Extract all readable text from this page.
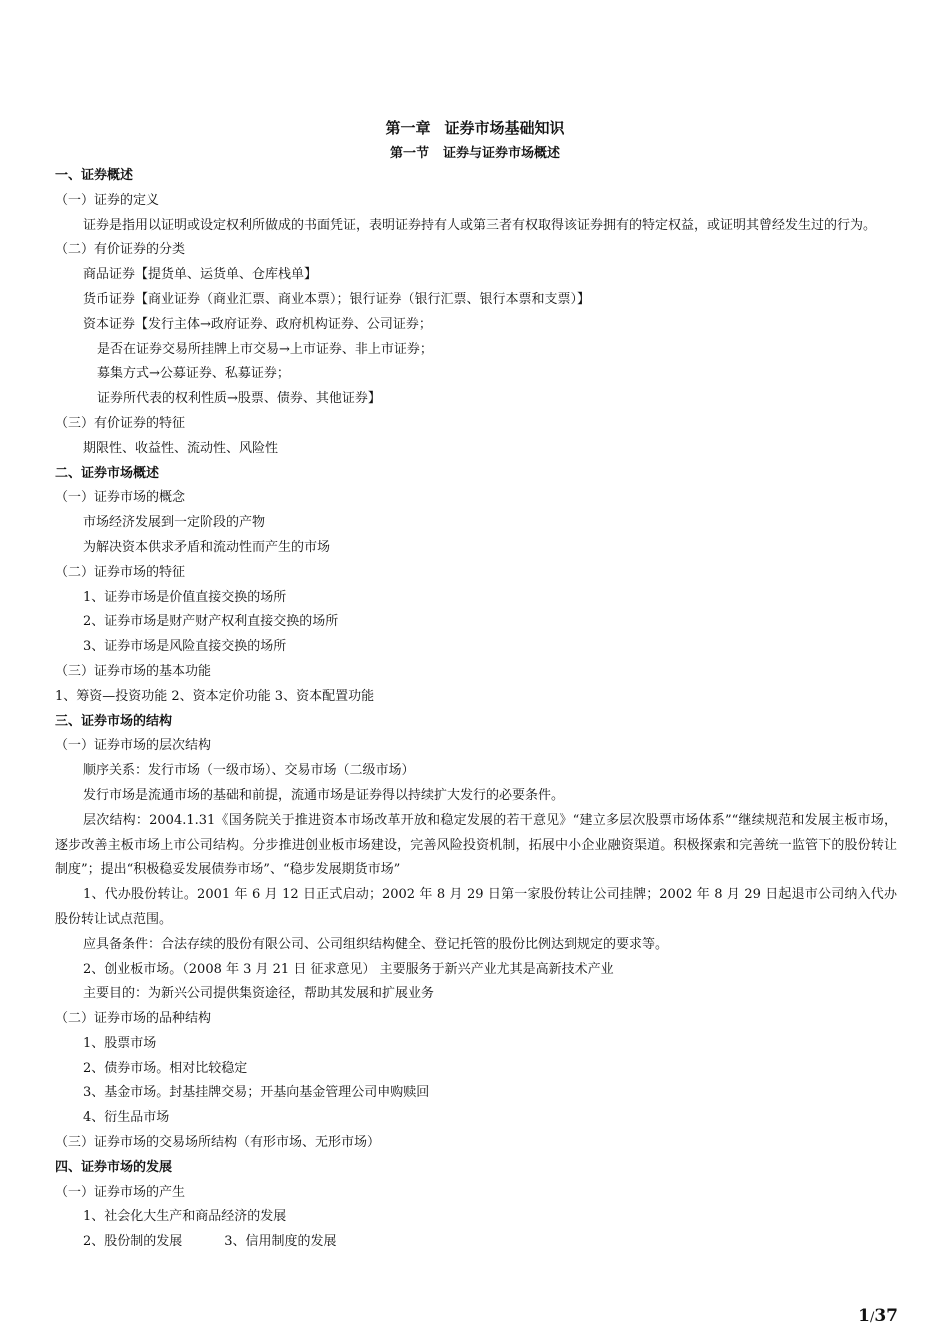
第一章 证券市场基础知识
第一节 证券与证券市场概述
一、证券概述
（一）证券的定义

证券是指用以证明或设定权利所做成的书面凭证，表明证券持有人或第三者有权取得该证券拥有的特定权益，或证明其曾经发生过的行为。

（二）有价证券的分类
商品证券【提货单、运货单、仓库栈单】
货币证券【商业证券（商业汇票、商业本票）；银行证券（银行汇票、银行本票和支票）】
资本证券【发行主体→政府证券、政府机构证券、公司证券；
是否在证券交易所挂牌上市交易→上市证券、非上市证券；
募集方式→公募证券、私募证券；
证券所代表的权利性质→股票、债券、其他证券】
（三）有价证券的特征
期限性、收益性、流动性、风险性
二、证券市场概述
（一）证券市场的概念
市场经济发展到一定阶段的产物
为解决资本供求矛盾和流动性而产生的市场
（二）证券市场的特征
1、证券市场是价值直接交换的场所
2、证券市场是财产财产权利直接交换的场所
3、证券市场是风险直接交换的场所
（三）证券市场的基本功能
1、筹资—投资功能 2、资本定价功能 3、资本配置功能
三、证券市场的结构
（一）证券市场的层次结构
顺序关系：发行市场（一级市场）、交易市场（二级市场）
发行市场是流通市场的基础和前提，流通市场是证券得以持续扩大发行的必要条件。

层次结构：2004.1.31《国务院关于推进资本市场改革开放和稳定发展的若干意见》“建立多层次股票市场体系”“继续规范和发展主板市场，逐步改善主板市场上市公司结构。分步推进创业板市场建设，完善风险投资机制，拓展中小企业融资渠道。积极探索和完善统一监管下的股份转让制度”；提出“积极稳妥发展债券市场”、“稳步发展期货市场”

1、代办股份转让。2001 年 6 月 12 日正式启动；2002 年 8 月 29 日第一家股份转让公司挂牌；2002 年 8 月 29 日起退市公司纳入代办股份转让试点范围。

应具备条件：合法存续的股份有限公司、公司组织结构健全、登记托管的股份比例达到规定的要求等。
2、创业板市场。（2008 年 3 月 21 日 征求意见） 主要服务于新兴产业尤其是高新技术产业
主要目的：为新兴公司提供集资途径，帮助其发展和扩展业务
（二）证券市场的品种结构
1、股票市场
2、债券市场。相对比较稳定
3、基金市场。封基挂牌交易；开基向基金管理公司申购赎回
4、衍生品市场
（三）证券市场的交易场所结构（有形市场、无形市场）
四、证券市场的发展
（一）证券市场的产生
1、社会化大生产和商品经济的发展
2、股份制的发展	3、信用制度的发展
1/37
